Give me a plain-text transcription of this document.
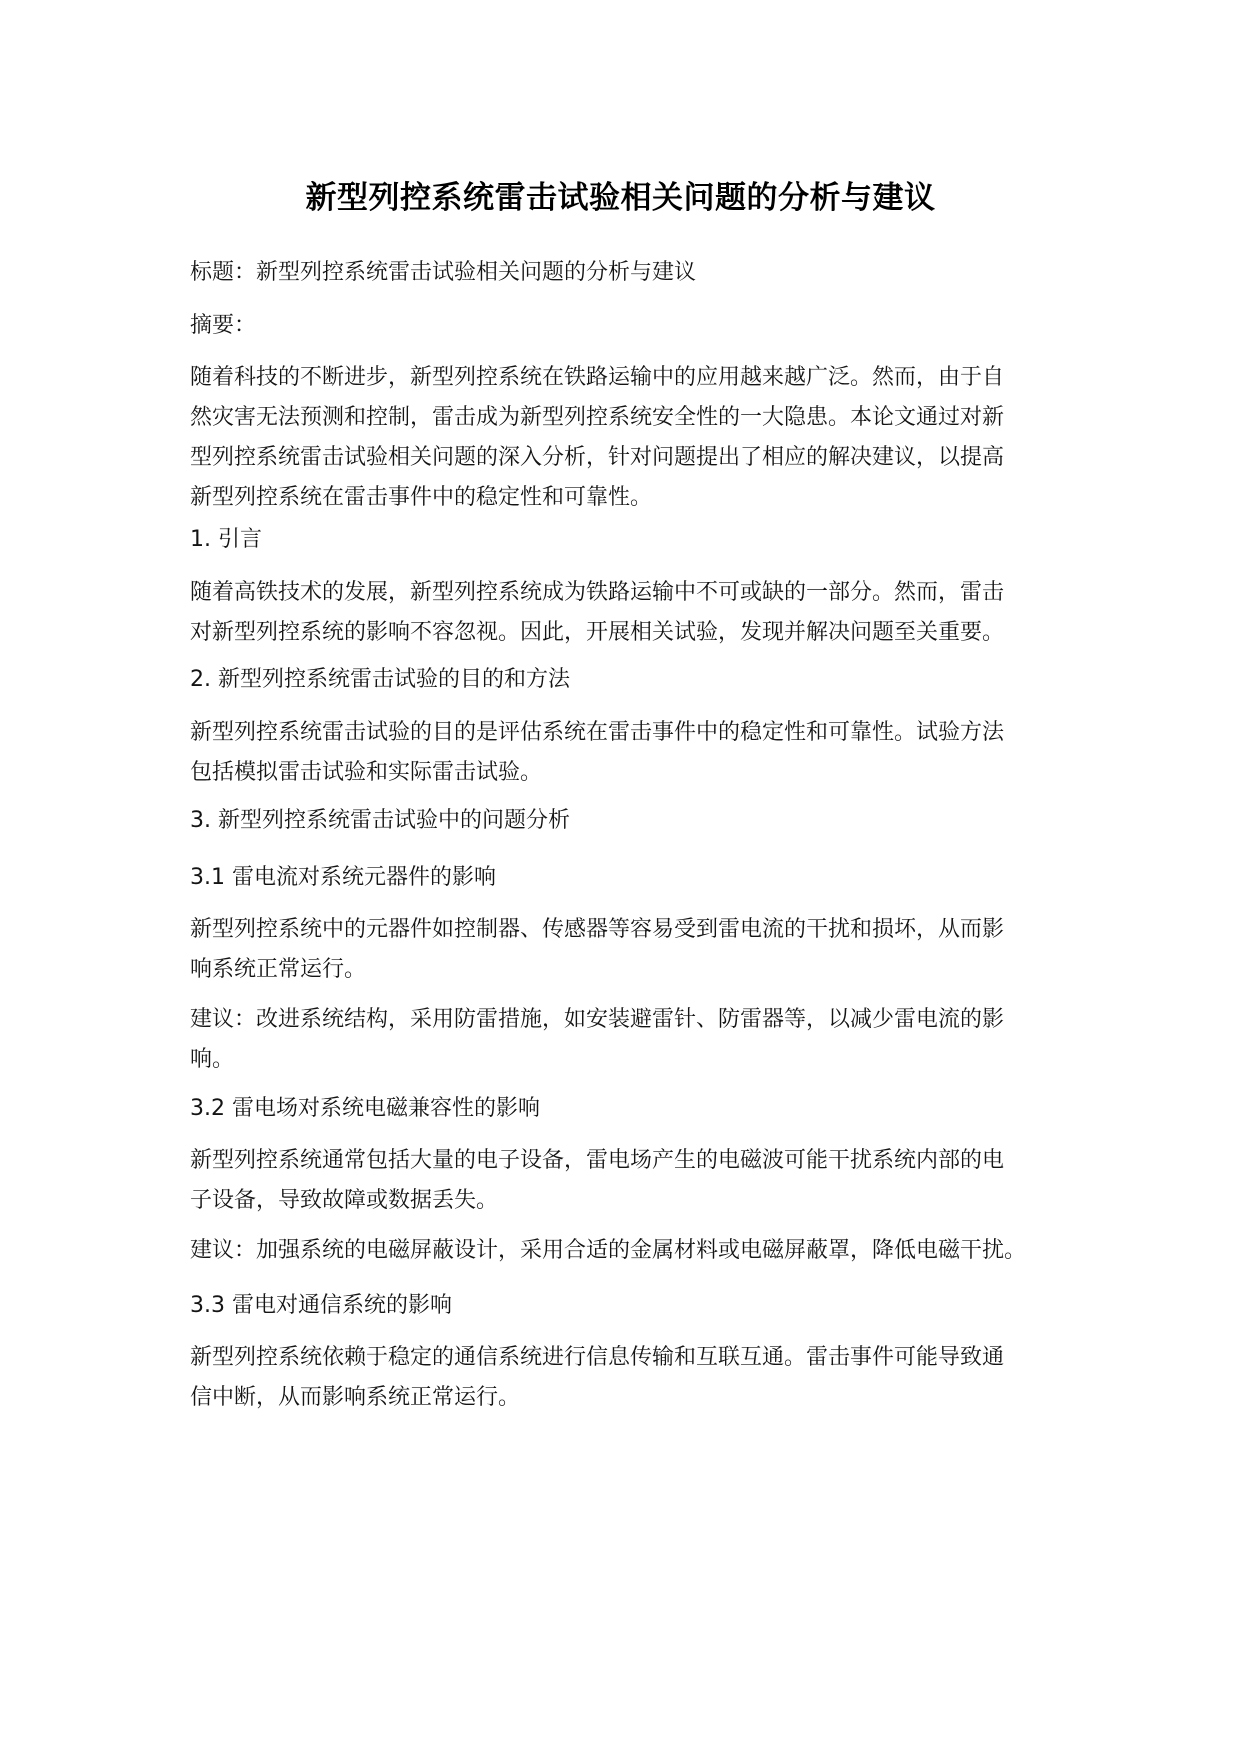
新型列控系统雷击试验相关问题的分析与建议

标题：新型列控系统雷击试验相关问题的分析与建议

摘要：

随着科技的不断进步，新型列控系统在铁路运输中的应用越来越广泛。然而，由于自
然灾害无法预测和控制，雷击成为新型列控系统安全性的一大隐患。本论文通过对新
型列控系统雷击试验相关问题的深入分析，针对问题提出了相应的解决建议，以提高
新型列控系统在雷击事件中的稳定性和可靠性。

1. 引言

随着高铁技术的发展，新型列控系统成为铁路运输中不可或缺的一部分。然而，雷击
对新型列控系统的影响不容忽视。因此，开展相关试验，发现并解决问题至关重要。

2. 新型列控系统雷击试验的目的和方法

新型列控系统雷击试验的目的是评估系统在雷击事件中的稳定性和可靠性。试验方法
包括模拟雷击试验和实际雷击试验。

3. 新型列控系统雷击试验中的问题分析

3.1 雷电流对系统元器件的影响

新型列控系统中的元器件如控制器、传感器等容易受到雷电流的干扰和损坏，从而影
响系统正常运行。

建议：改进系统结构，采用防雷措施，如安装避雷针、防雷器等，以减少雷电流的影
响。

3.2 雷电场对系统电磁兼容性的影响

新型列控系统通常包括大量的电子设备，雷电场产生的电磁波可能干扰系统内部的电
子设备，导致故障或数据丢失。

建议：加强系统的电磁屏蔽设计，采用合适的金属材料或电磁屏蔽罩，降低电磁干扰。

3.3 雷电对通信系统的影响

新型列控系统依赖于稳定的通信系统进行信息传输和互联互通。雷击事件可能导致通
信中断，从而影响系统正常运行。
